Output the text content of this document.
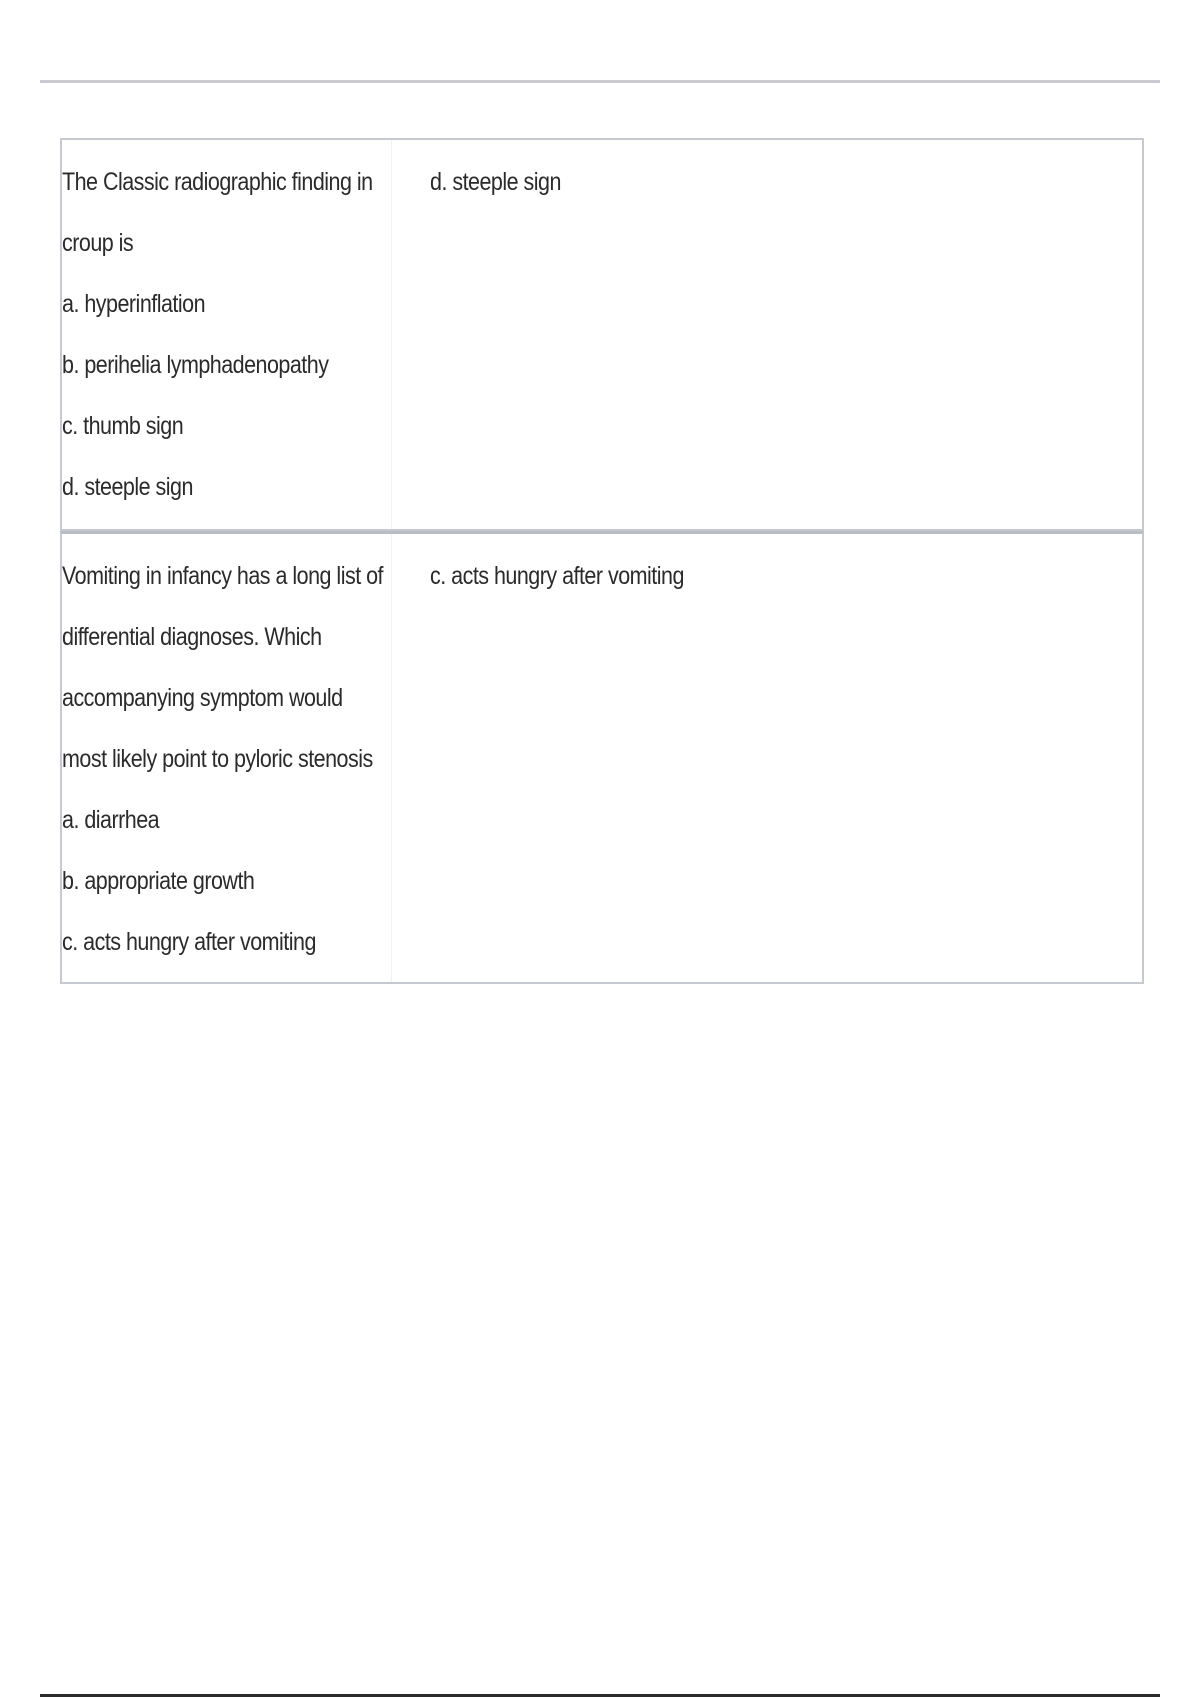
The Classic radiographic finding in
croup is
a. hyperinflation
b. perihelia lymphadenopathy
c. thumb sign
d. steeple sign
d. steeple sign
Vomiting in infancy has a long list of
differential diagnoses. Which
accompanying symptom would
most likely point to pyloric stenosis
a. diarrhea
b. appropriate growth
c. acts hungry after vomiting
c. acts hungry after vomiting
